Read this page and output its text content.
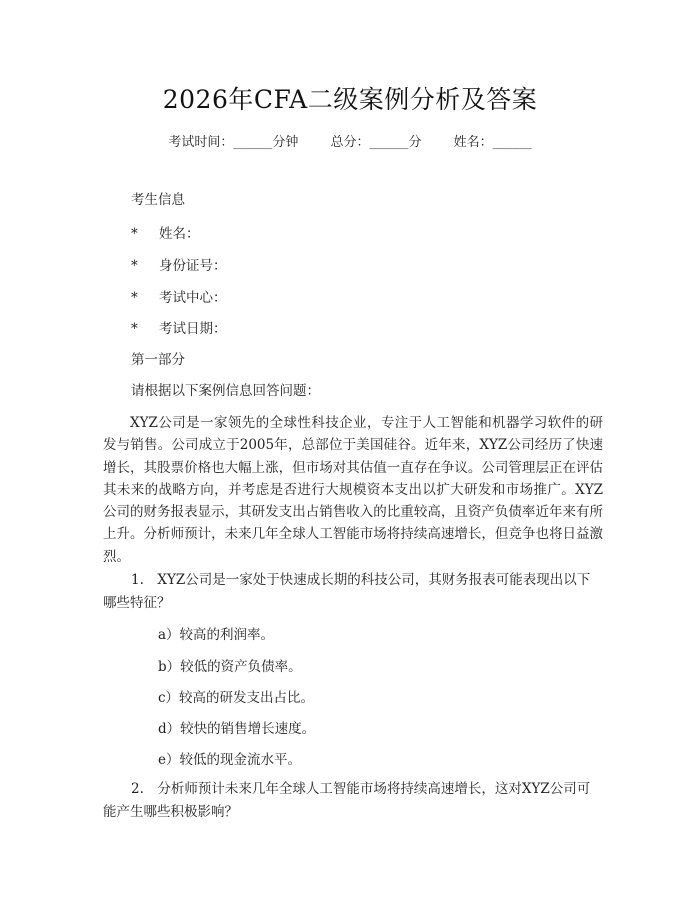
2026年CFA二级案例分析及答案
考试时间：______分钟 总分：______分 姓名：______
考生信息
* 姓名：
* 身份证号：
* 考试中心：
* 考试日期：
第一部分
请根据以下案例信息回答问题：
XYZ公司是一家领先的全球性科技企业，专注于人工智能和机器学习软件的研发与销售。公司成立于2005年，总部位于美国硅谷。近年来，XYZ公司经历了快速增长，其股票价格也大幅上涨，但市场对其估值一直存在争议。公司管理层正在评估其未来的战略方向，并考虑是否进行大规模资本支出以扩大研发和市场推广。XYZ公司的财务报表显示，其研发支出占销售收入的比重较高，且资产负债率近年来有所上升。分析师预计，未来几年全球人工智能市场将持续高速增长，但竞争也将日益激烈。
1.　XYZ公司是一家处于快速成长期的科技公司，其财务报表可能表现出以下哪些特征？
a）较高的利润率。
b）较低的资产负债率。
c）较高的研发支出占比。
d）较快的销售增长速度。
e）较低的现金流水平。
2.　分析师预计未来几年全球人工智能市场将持续高速增长，这对XYZ公司可能产生哪些积极影响？
